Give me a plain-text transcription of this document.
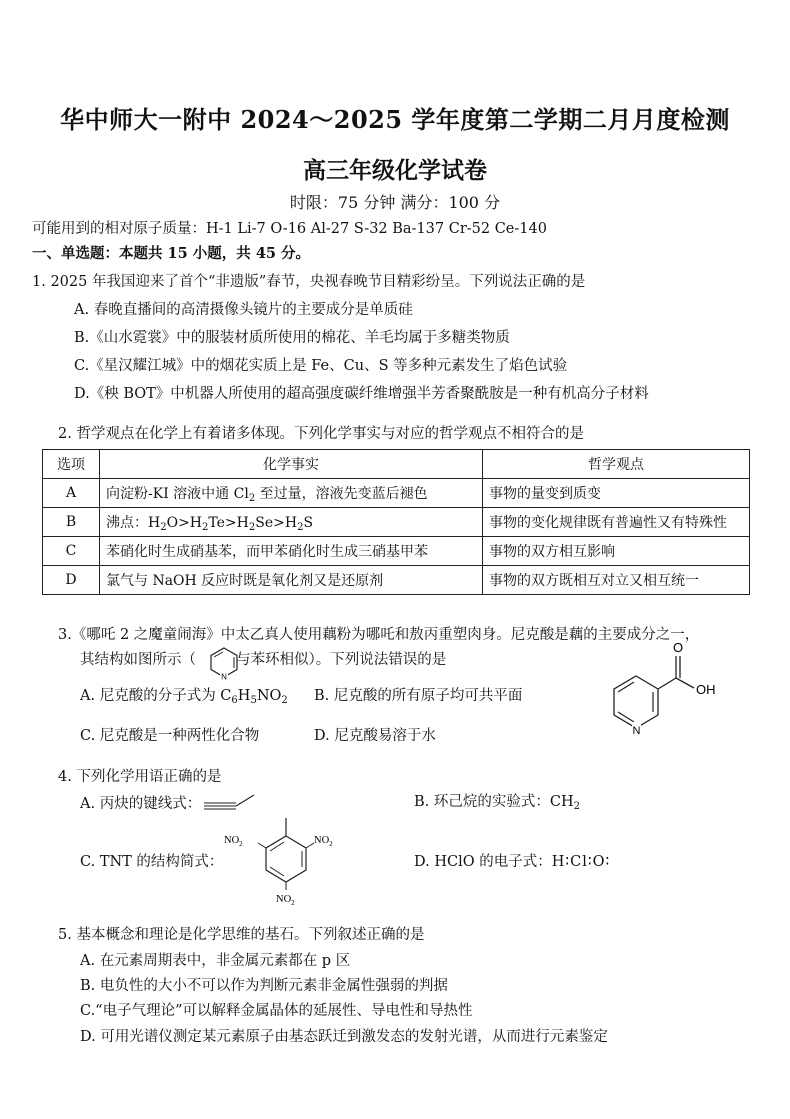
华中师大一附中 2024～2025 学年度第二学期二月月度检测
高三年级化学试卷
时限：75 分钟 满分：100 分
可能用到的相对原子质量：H-1 Li-7 O-16 Al-27 S-32 Ba-137 Cr-52 Ce-140
一、单选题：本题共 15 小题，共 45 分。
1. 2025 年我国迎来了首个“非遗版”春节，央视春晚节目精彩纷呈。下列说法正确的是
A. 春晚直播间的高清摄像头镜片的主要成分是单质硅
B.《山水霓裳》中的服装材质所使用的棉花、羊毛均属于多糖类物质
C.《星汉耀江城》中的烟花实质上是 Fe、Cu、S 等多种元素发生了焰色试验
D.《秧 BOT》中机器人所使用的超高强度碳纤维增强半芳香聚酰胺是一种有机高分子材料
2. 哲学观点在化学上有着诸多体现。下列化学事实与对应的哲学观点不相符合的是
选项	化学事实	哲学观点
A	向淀粉-KI 溶液中通 $Cl_2$ 至过量，溶液先变蓝后褪色	事物的量变到质变
B	沸点：$H_2O>H_2Te>H_2Se>H_2S$	事物的变化规律既有普遍性又有特殊性
C	苯硝化时生成硝基苯，而甲苯硝化时生成三硝基甲苯	事物的双方相互影响
D	氯气与 NaOH 反应时既是氧化剂又是还原剂	事物的双方既相互对立又相互统一
3.《哪吒 2 之魔童闹海》中太乙真人使用藕粉为哪吒和敖丙重塑肉身。尼克酸是藕的主要成分之一，
其结构如图所示（	与苯环相似）。下列说法错误的是
N
A. 尼克酸的分子式为 $C_6H_5NO_2$ B. 尼克酸的所有原子均可共平面
C. 尼克酸是一种两性化合物	D. 尼克酸易溶于水	N
O
OH
4. 下列化学用语正确的是
A. 丙炔的键线式：	B. 环己烷的实验式：$CH_2$
C. TNT 的结构简式：
$NO_2$	$NO_2$
$NO_2$
D. HClO 的电子式：H∶Cl∶O∶
5. 基本概念和理论是化学思维的基石。下列叙述正确的是
A. 在元素周期表中，非金属元素都在 p 区
B. 电负性的大小不可以作为判断元素非金属性强弱的判据
C.“电子气理论”可以解释金属晶体的延展性、导电性和导热性
D. 可用光谱仪测定某元素原子由基态跃迁到激发态的发射光谱，从而进行元素鉴定
